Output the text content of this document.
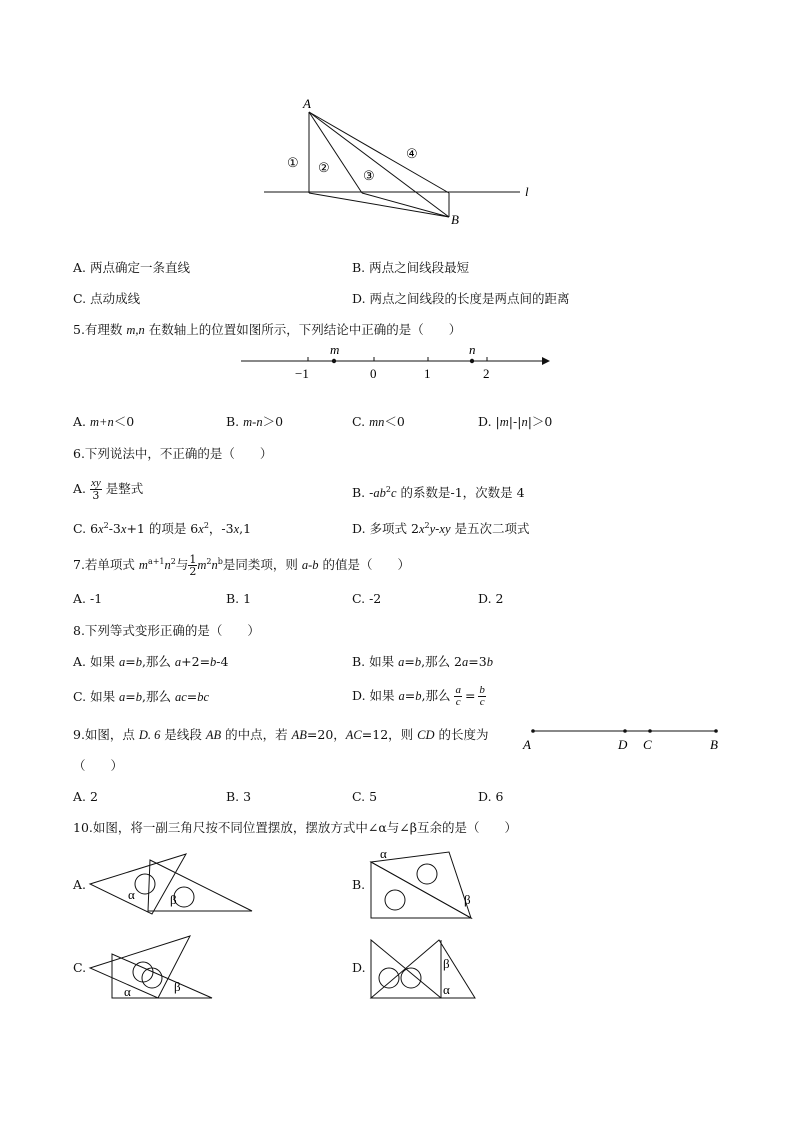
A
B
l
① ②
③
④
A. 两点确定一条直线	B. 两点之间线段最短
C. 点动成线	D. 两点之间线段的长度是两点间的距离
5.有理数 m,n 在数轴上的位置如图所示，下列结论中正确的是（　　）
m	n
−1	0	1	2
A. m+n＜0	B. m-n＞0	C. mn＜0	D. |m|-|n|＞0
6.下列说法中，不正确的是（　　）
A. $\frac{xy}{3}$ 是整式	B. $-ab^2c$ 的系数是-1，次数是 4
C. $6x^2-3x+1$ 的项是 $6x^2$，-3x,1	D. 多项式 $2x^2y-xy$ 是五次二项式
7.若单项式 $m^{a+1}n^2$与 $\frac{1}{2} m^2n^b$是同类项，则 a-b 的值是（　　）
A. -1	B. 1	C. -2	D. 2
8.下列等式变形正确的是（　　）
A. 如果 a=b,那么 a+2=b-4	B. 如果 a=b,那么 2a=3b
C. 如果 a=b,那么 ac=bc	D. 如果 a=b,那么 $\frac{a}{c} = \frac{b}{c}$
9.如图，点 D. 6 是线段 AB 的中点，若 AB=20，AC=12，则 CD 的长度为
（　　）
A	D C	B
A. 2	B. 3	C. 5	D. 6
10.如图，将一副三角尺按不同位置摆放，摆放方式中∠α与∠β互余的是（　　）
A.
α	β
B.
α
β
C.
α	β
D.	β
α
